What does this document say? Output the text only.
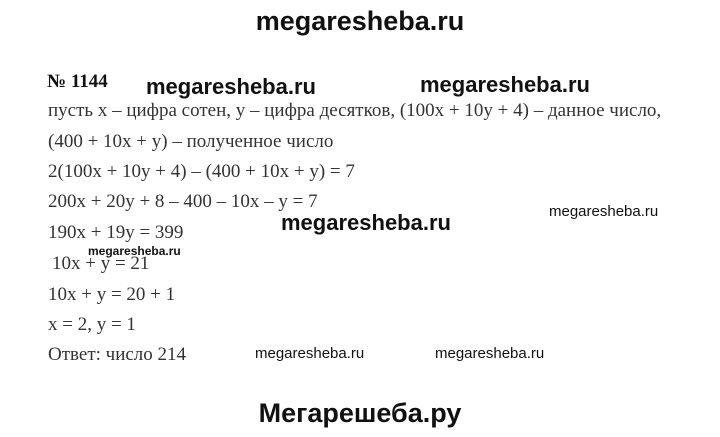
megaresheba.ru
№ 1144
пусть х – цифра сотен, у – цифра десятков, (100х + 10у + 4) – данное число,
(400 + 10х + у) – полученное число
2(100х + 10у + 4) – (400 + 10х + у) = 7
200х + 20у + 8 – 400 – 10х – у = 7
190х + 19у = 399
10х + у = 21
10х + у = 20 + 1
х = 2, у = 1
Ответ: число 214
megaresheba.ru	megaresheba.ru
megaresheba.ru	megaresheba.ru
megaresheba.ru
megaresheba.ru	megaresheba.ru
Мегарешеба.ру
